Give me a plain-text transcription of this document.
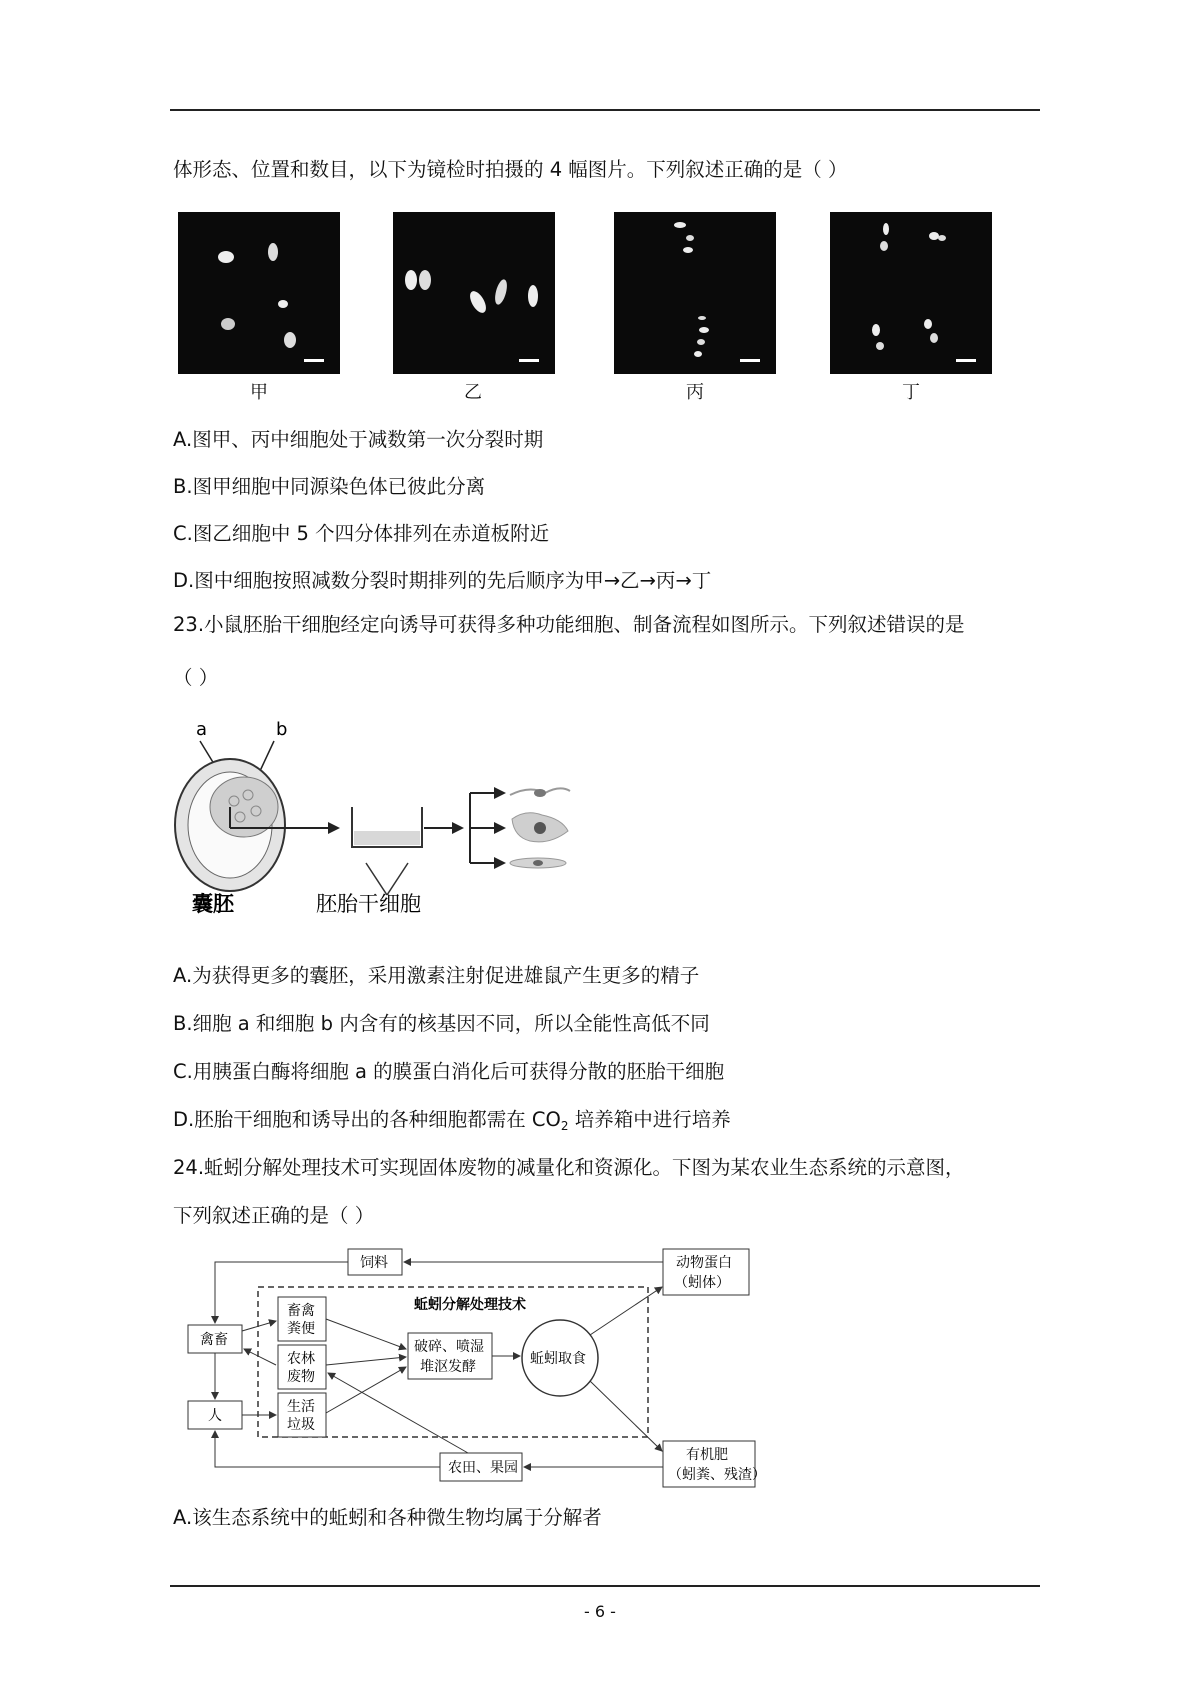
体形态、位置和数目，以下为镜检时拍摄的 4 幅图片。下列叙述正确的是（ ）
甲	乙	丙	丁
A.图甲、丙中细胞处于减数第一次分裂时期
B.图甲细胞中同源染色体已彼此分离
C.图乙细胞中 5 个四分体排列在赤道板附近
D.图中细胞按照减数分裂时期排列的先后顺序为甲→乙→丙→丁
23.小鼠胚胎干细胞经定向诱导可获得多种功能细胞、制备流程如图所示。下列叙述错误的是
（ ）
a	b
囊胚	胚胎干细胞
A.为获得更多的囊胚，采用激素注射促进雄鼠产生更多的精子
B.细胞 a 和细胞 b 内含有的核基因不同，所以全能性高低不同
C.用胰蛋白酶将细胞 a 的膜蛋白消化后可获得分散的胚胎干细胞
D.胚胎干细胞和诱导出的各种细胞都需在 $CO_2$ 培养箱中进行培养
24.蚯蚓分解处理技术可实现固体废物的减量化和资源化。下图为某农业生态系统的示意图，
下列叙述正确的是（ ）
蚯蚓分解处理技术
饲料	动物蛋白
（蚓体）
禽畜
畜禽
粪便
农林
废物
生活
垃圾
破碎、喷湿
堆沤发酵	蚯蚓取食
人
农田、果园
有机肥
（蚓粪、残渣）
A.该生态系统中的蚯蚓和各种微生物均属于分解者
- 6 -
